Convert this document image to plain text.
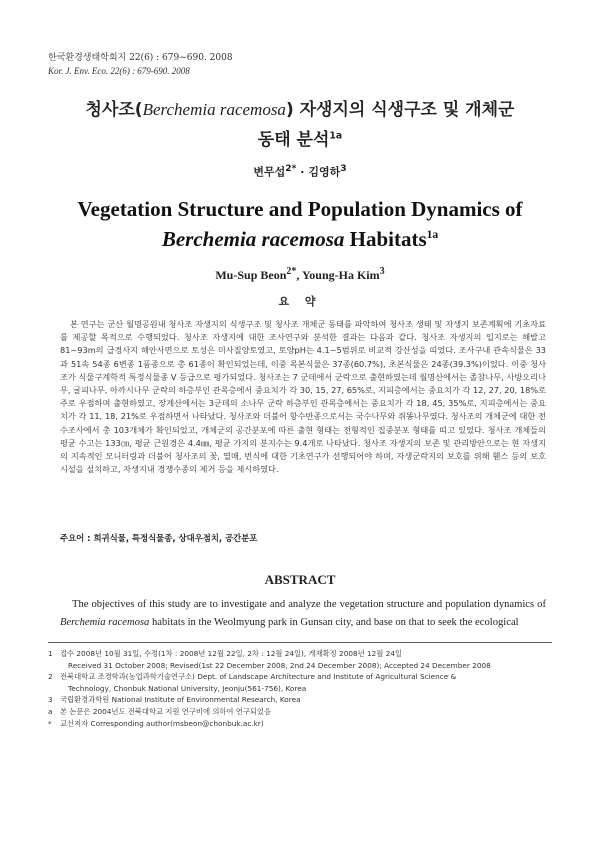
한국환경생태학회지 22(6) : 679~690. 2008
Kor. J. Env. Eco. 22(6) : 679-690. 2008
청사조(Berchemia racemosa) 자생지의 식생구조 및 개체군
동태 분석$^{1a}$
변무섭$^{2*}$ · 김영하$^3$
Vegetation Structure and Population Dynamics of
Berchemia racemosa Habitats$^{1a}$
Mu-Sup Beon$^{2*}$, Young-Ha Kim$^3$
요 약
본 연구는 군산 월명공원내 청사조 자생지의 식생구조 및 청사조 개체군 동태를 파악하여 청사조 생태 및 자생지 보존계획에 기초자료를 제공할 목적으로 수행되었다. 청사조 자생지에 대한 조사연구와 분석한 결과는 다음과 같다. 청사조 자생지의 입지로는 해발고 81~93m의 급경사지 해안사면으로 토성은 미사질양토였고, 토양pH는 4.1~5범위로 비교적 강산성을 띠었다. 조사구내 관속식물은 33과 51속 54종 6변종 1품종으로 총 61종이 확인되었는데, 이중 목본식물은 37종(60.7%), 초본식물은 24종(39.3%)이었다. 이중 청사조가 식물구계학적 특정식물종 V 등급으로 평가되었다. 청사조는 7 군데에서 군락으로 출현하였는데 월명산에서는 졸참나무, 사방오리나무, 굴피나무, 아까시나무 군락의 하층부인 관목층에서 중요치가 각 30, 15, 27, 65%로, 지피층에서는 중요치가 각 12, 27, 20, 18%로 주로 우점하며 출현하였고, 장계산에서는 3군데의 소나무 군락 하층부인 관목층에서는 중요치가 각 18, 45, 35%로, 지피층에서는 중요치가 각 11, 18, 21%로 우점하면서 나타났다. 청사조와 더불어 항수반종으로서는 국수나무와 쥐똥나무였다. 청사조의 개체군에 대한 전수조사에서 총 103개체가 확인되었고, 개체군의 공간분포에 따른 출현 형태는 전형적인 집중분포 형태를 띠고 있었다. 청사조 개체들의 평균 수고는 133㎝, 평균 근원경은 4.4㎜, 평균 가지의 분지수는 9.4개로 나타났다. 청사조 자생지의 보존 및 관리방안으로는 현 자생지의 지속적인 모니터링과 더불어 청사조의 꽃, 열매, 번식에 대한 기초연구가 선행되어야 하며, 자생군락지의 보호를 위해 휀스 등의 보호시설을 설치하고, 자생지내 경쟁수종의 제거 등을 제시하였다.
주요어 : 희귀식물, 특정식물종, 상대우점치, 공간분포
ABSTRACT
The objectives of this study are to investigate and analyze the vegetation structure and population dynamics of Berchemia racemosa habitats in the Weolmyung park in Gunsan city, and base on that to seek the ecological
1	접수 2008년 10월 31일, 수정(1차 : 2008년 12월 22일, 2차 : 12월 24일), 게재확정 2008년 12월 24일
Received 31 October 2008; Revised(1st 22 December 2008, 2nd 24 December 2008); Accepted 24 December 2008
2	전북대학교 조경학과(농업과학기술연구소) Dept. of Landscape Architecture and Institute of Agricultural Science &
Technology, Chonbuk National University, Jeonju(561-756), Korea
3	국립환경과학원 National Institute of Environmental Research, Korea
a	본 논문은 2004년도 전북대학교 지원 연구비에 의하여 연구되었음
*	교신저자 Corresponding author(msbeon@chonbuk.ac.kr)
